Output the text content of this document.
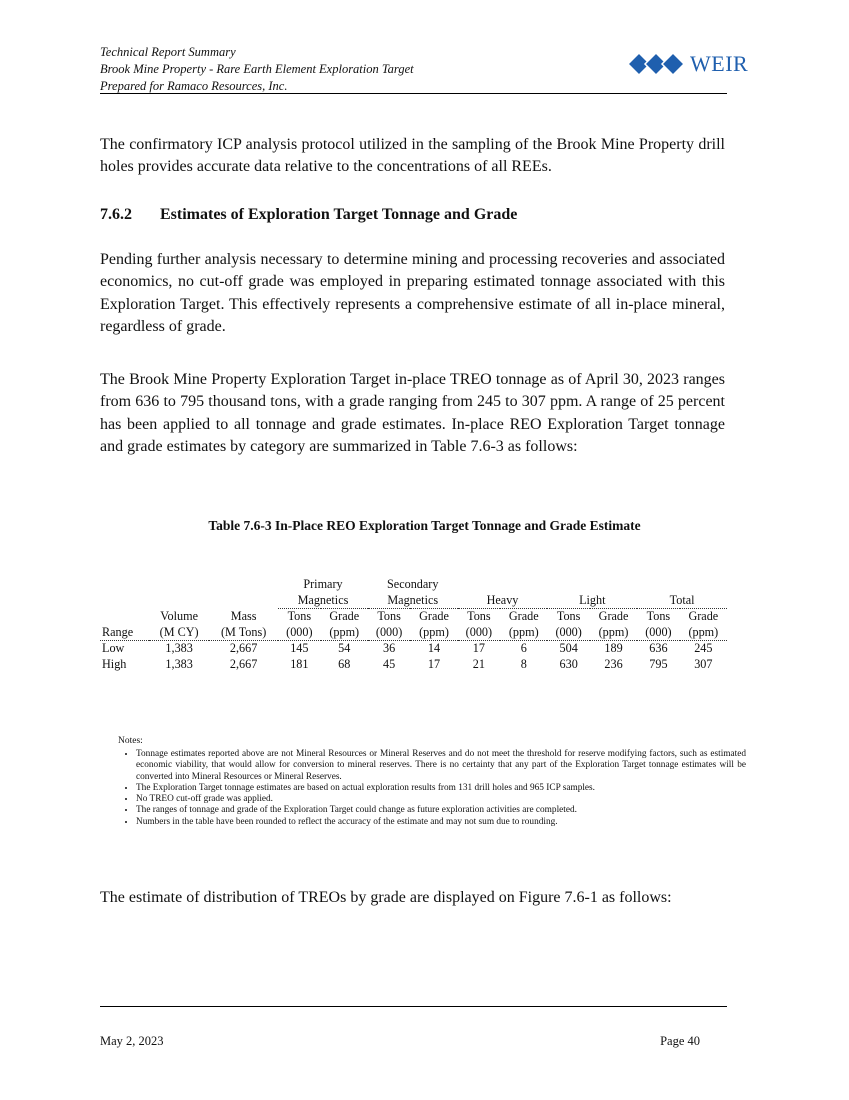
Technical Report Summary
Brook Mine Property - Rare Earth Element Exploration Target
Prepared for Ramaco Resources, Inc.
WEIR
The confirmatory ICP analysis protocol utilized in the sampling of the Brook Mine Property drill holes provides accurate data relative to the concentrations of all REEs.
7.6.2 Estimates of Exploration Target Tonnage and Grade
Pending further analysis necessary to determine mining and processing recoveries and associated economics, no cut-off grade was employed in preparing estimated tonnage associated with this Exploration Target. This effectively represents a comprehensive estimate of all in-place mineral, regardless of grade.
The Brook Mine Property Exploration Target in-place TREO tonnage as of April 30, 2023 ranges from 636 to 795 thousand tons, with a grade ranging from 245 to 307 ppm. A range of 25 percent has been applied to all tonnage and grade estimates. In-place REO Exploration Target tonnage and grade estimates by category are summarized in Table 7.6-3 as follows:
Table 7.6-3 In-Place REO Exploration Target Tonnage and Grade Estimate
			Primary		Secondary							
			Magnetics		Magnetics		Heavy		Light		Total	
	Volume	Mass	Tons	Grade	Tons	Grade	Tons	Grade	Tons	Grade	Tons	Grade
Range	(M CY)	(M Tons)	(000)	(ppm)	(000)	(ppm)	(000)	(ppm)	(000)	(ppm)	(000)	(ppm)
Low	1,383	2,667	145	54	36	14	17	6	504	189	636	245
High	1,383	2,667	181	68	45	17	21	8	630	236	795	307
Notes:
• Tonnage estimates reported above are not Mineral Resources or Mineral Reserves and do not meet the threshold for reserve modifying factors, such as estimated economic viability, that would allow for conversion to mineral reserves. There is no certainty that any part of the Exploration Target tonnage estimates will be converted into Mineral Resources or Mineral Reserves.
• The Exploration Target tonnage estimates are based on actual exploration results from 131 drill holes and 965 ICP samples.
• No TREO cut-off grade was applied.
• The ranges of tonnage and grade of the Exploration Target could change as future exploration activities are completed.
• Numbers in the table have been rounded to reflect the accuracy of the estimate and may not sum due to rounding.
The estimate of distribution of TREOs by grade are displayed on Figure 7.6-1 as follows:
May 2, 2023	Page 40
